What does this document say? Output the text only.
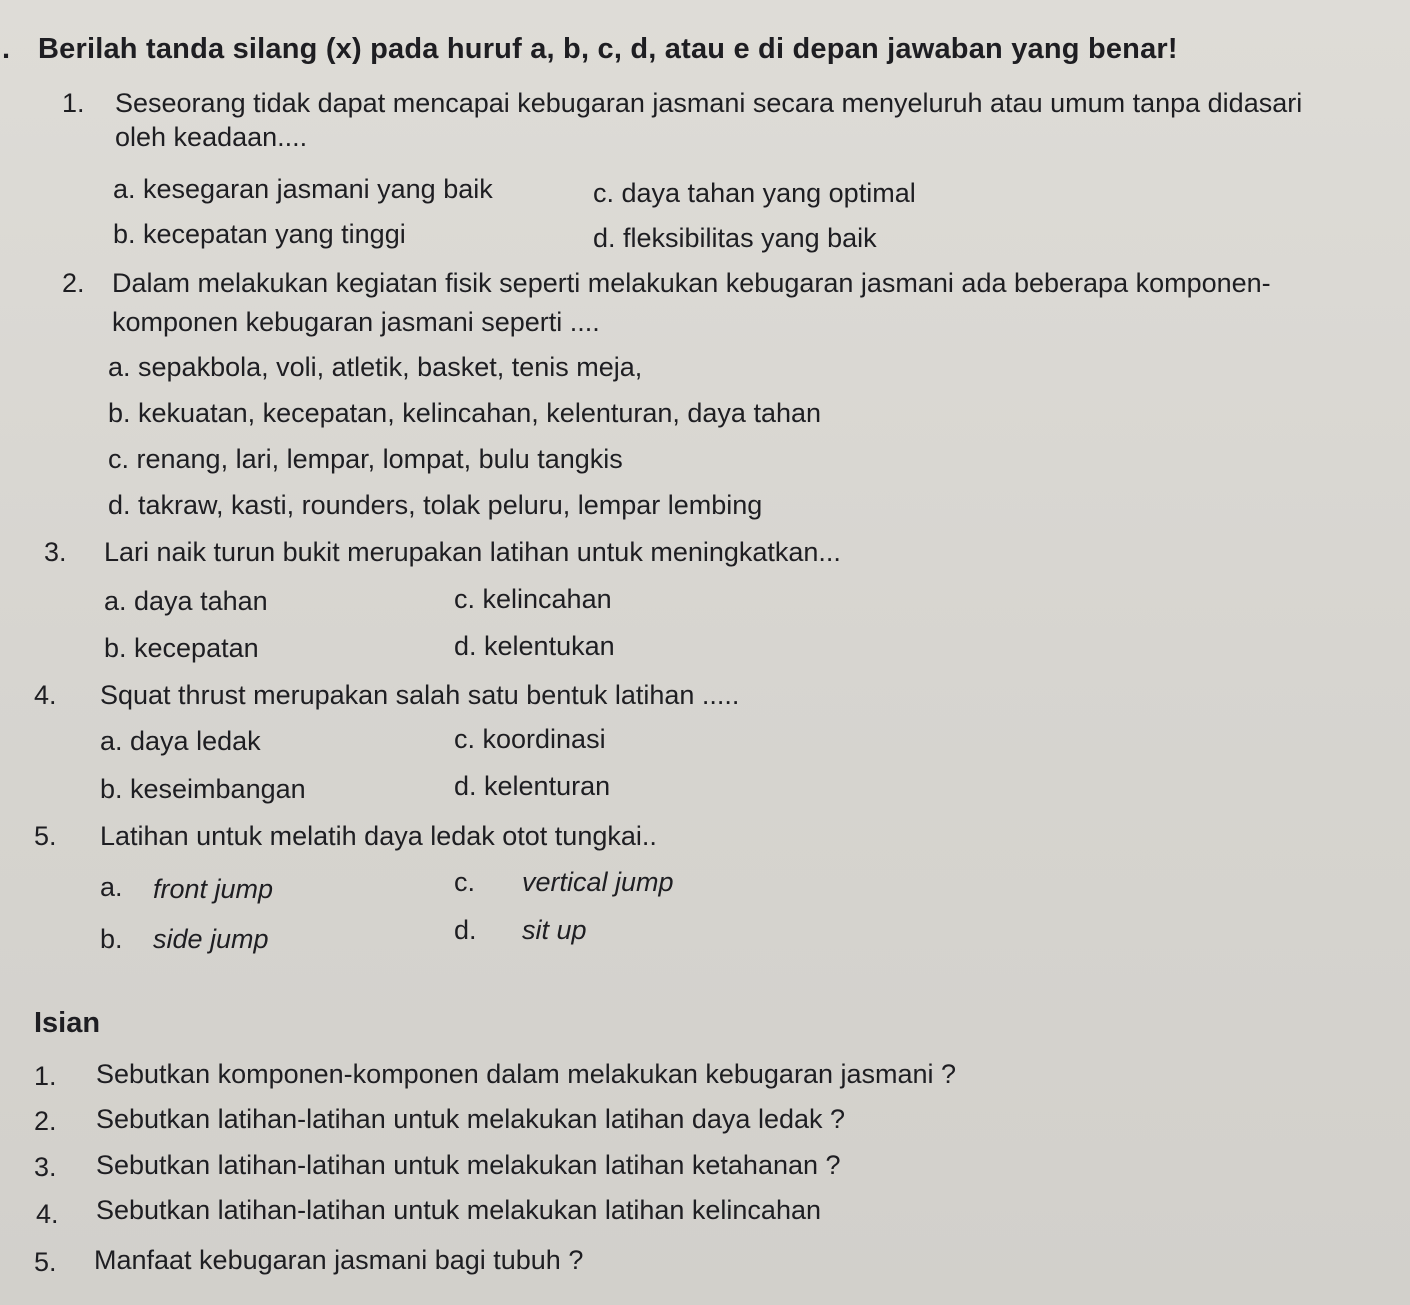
. Berilah tanda silang (x) pada huruf a, b, c, d, atau e di depan jawaban yang benar!
1. Seseorang tidak dapat mencapai kebugaran jasmani secara menyeluruh atau umum tanpa didasari
oleh keadaan....
a. kesegaran jasmani yang baik	c. daya tahan yang optimal
b. kecepatan yang tinggi	d. fleksibilitas yang baik
2. Dalam melakukan kegiatan fisik seperti melakukan kebugaran jasmani ada beberapa komponen-
komponen kebugaran jasmani seperti ....
a. sepakbola, voli, atletik, basket, tenis meja,
b. kekuatan, kecepatan, kelincahan, kelenturan, daya tahan
c. renang, lari, lempar, lompat, bulu tangkis
d. takraw, kasti, rounders, tolak peluru, lempar lembing
3. Lari naik turun bukit merupakan latihan untuk meningkatkan...
a. daya tahan	c. kelincahan
b. kecepatan	d. kelentukan
4. Squat thrust merupakan salah satu bentuk latihan .....
a. daya ledak	c. koordinasi
b. keseimbangan	d. kelenturan
5. Latihan untuk melatih daya ledak otot tungkai..
a. front jump	c. vertical jump
b. side jump	d. sit up
Isian
1. Sebutkan komponen-komponen dalam melakukan kebugaran jasmani ?
2. Sebutkan latihan-latihan untuk melakukan latihan daya ledak ?
3. Sebutkan latihan-latihan untuk melakukan latihan ketahanan ?
4. Sebutkan latihan-latihan untuk melakukan latihan kelincahan
5. Manfaat kebugaran jasmani bagi tubuh ?
